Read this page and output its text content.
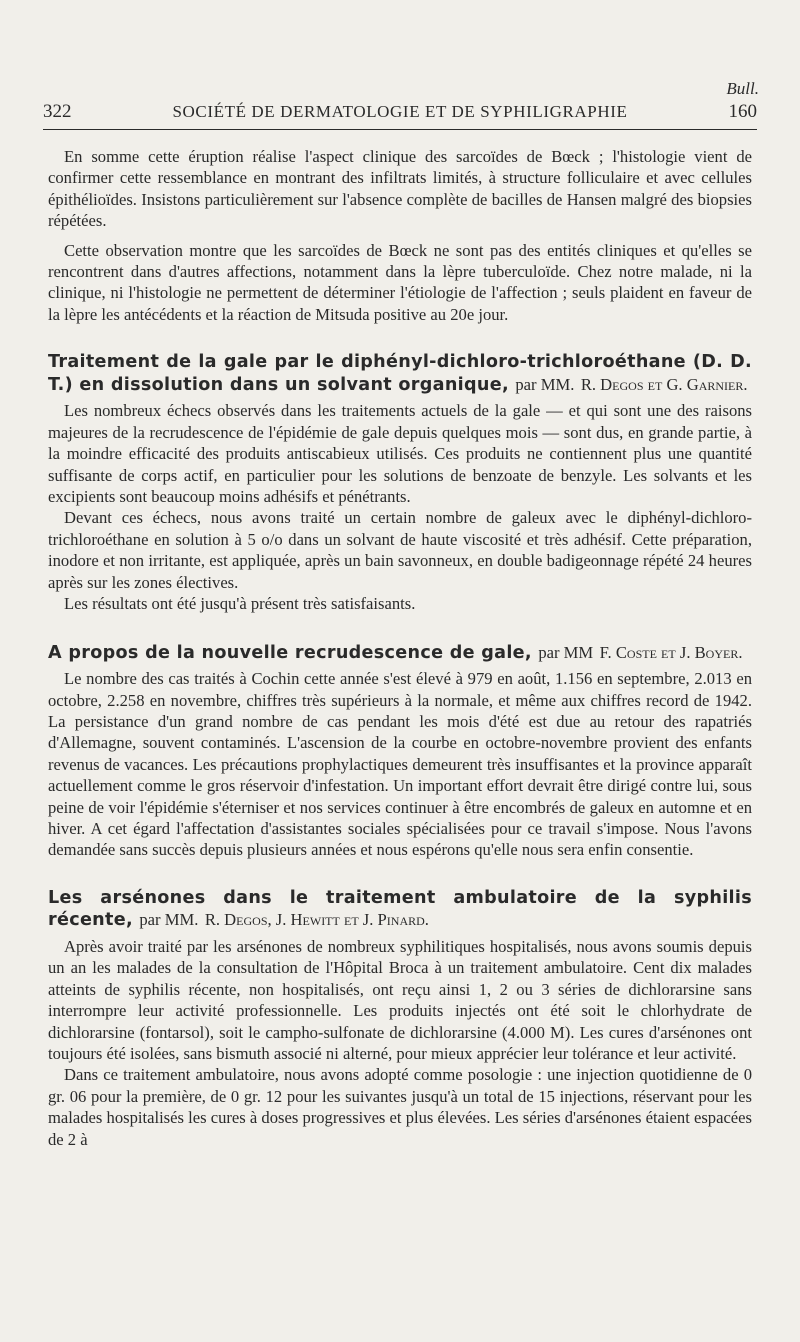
Bull.
322	SOCIÉTÉ DE DERMATOLOGIE ET DE SYPHILIGRAPHIE	160

En somme cette éruption réalise l'aspect clinique des sarcoïdes de Bœck ; l'histologie vient de confirmer cette ressemblance en montrant des infiltrats limités, à structure folliculaire et avec cellules épithélioïdes. Insistons particulièrement sur l'absence complète de bacilles de Hansen malgré des biopsies répétées.

Cette observation montre que les sarcoïdes de Bœck ne sont pas des entités cliniques et qu'elles se rencontrent dans d'autres affections, notamment dans la lèpre tuberculoïde. Chez notre malade, ni la clinique, ni l'histologie ne permettent de déterminer l'étiologie de l'affection ; seuls plaident en faveur de la lèpre les antécédents et la réaction de Mitsuda positive au 20e jour.

Traitement de la gale par le diphényl-dichloro-trichloroéthane (D. D. T.) en dissolution dans un solvant organique, par MM. R. Degos et G. Garnier.

Les nombreux échecs observés dans les traitements actuels de la gale — et qui sont une des raisons majeures de la recrudescence de l'épidémie de gale depuis quelques mois — sont dus, en grande partie, à la moindre efficacité des produits antiscabieux utilisés. Ces produits ne contiennent plus une quantité suffisante de corps actif, en particulier pour les solutions de benzoate de benzyle. Les solvants et les excipients sont beaucoup moins adhésifs et pénétrants.

Devant ces échecs, nous avons traité un certain nombre de galeux avec le diphényl-dichloro-trichloroéthane en solution à 5 o/o dans un solvant de haute viscosité et très adhésif. Cette préparation, inodore et non irritante, est appliquée, après un bain savonneux, en double badigeonnage répété 24 heures après sur les zones électives.

Les résultats ont été jusqu'à présent très satisfaisants.

A propos de la nouvelle recrudescence de gale, par MM F. Coste et J. Boyer.

Le nombre des cas traités à Cochin cette année s'est élevé à 979 en août, 1.156 en septembre, 2.013 en octobre, 2.258 en novembre, chiffres très supérieurs à la normale, et même aux chiffres record de 1942. La persistance d'un grand nombre de cas pendant les mois d'été est due au retour des rapatriés d'Allemagne, souvent contaminés. L'ascension de la courbe en octobre-novembre provient des enfants revenus de vacances. Les précautions prophylactiques demeurent très insuffisantes et la province apparaît actuellement comme le gros réservoir d'infestation. Un important effort devrait être dirigé contre lui, sous peine de voir l'épidémie s'éterniser et nos services continuer à être encombrés de galeux en automne et en hiver. A cet égard l'affectation d'assistantes sociales spécialisées pour ce travail s'impose. Nous l'avons demandée sans succès depuis plusieurs années et nous espérons qu'elle nous sera enfin consentie.

Les arsénones dans le traitement ambulatoire de la syphilis récente, par MM. R. Degos, J. Hewitt et J. Pinard.

Après avoir traité par les arsénones de nombreux syphilitiques hospitalisés, nous avons soumis depuis un an les malades de la consultation de l'Hôpital Broca à un traitement ambulatoire. Cent dix malades atteints de syphilis récente, non hospitalisés, ont reçu ainsi 1, 2 ou 3 séries de dichlorarsine sans interrompre leur activité professionnelle. Les produits injectés ont été soit le chlorhydrate de dichlorarsine (fontarsol), soit le campho-sulfonate de dichlorarsine (4.000 M). Les cures d'arsénones ont toujours été isolées, sans bismuth associé ni alterné, pour mieux apprécier leur tolérance et leur activité.

Dans ce traitement ambulatoire, nous avons adopté comme posologie : une injection quotidienne de 0 gr. 06 pour la première, de 0 gr. 12 pour les suivantes jusqu'à un total de 15 injections, réservant pour les malades hospitalisés les cures à doses progressives et plus élevées. Les séries d'arsénones étaient espacées de 2 à
